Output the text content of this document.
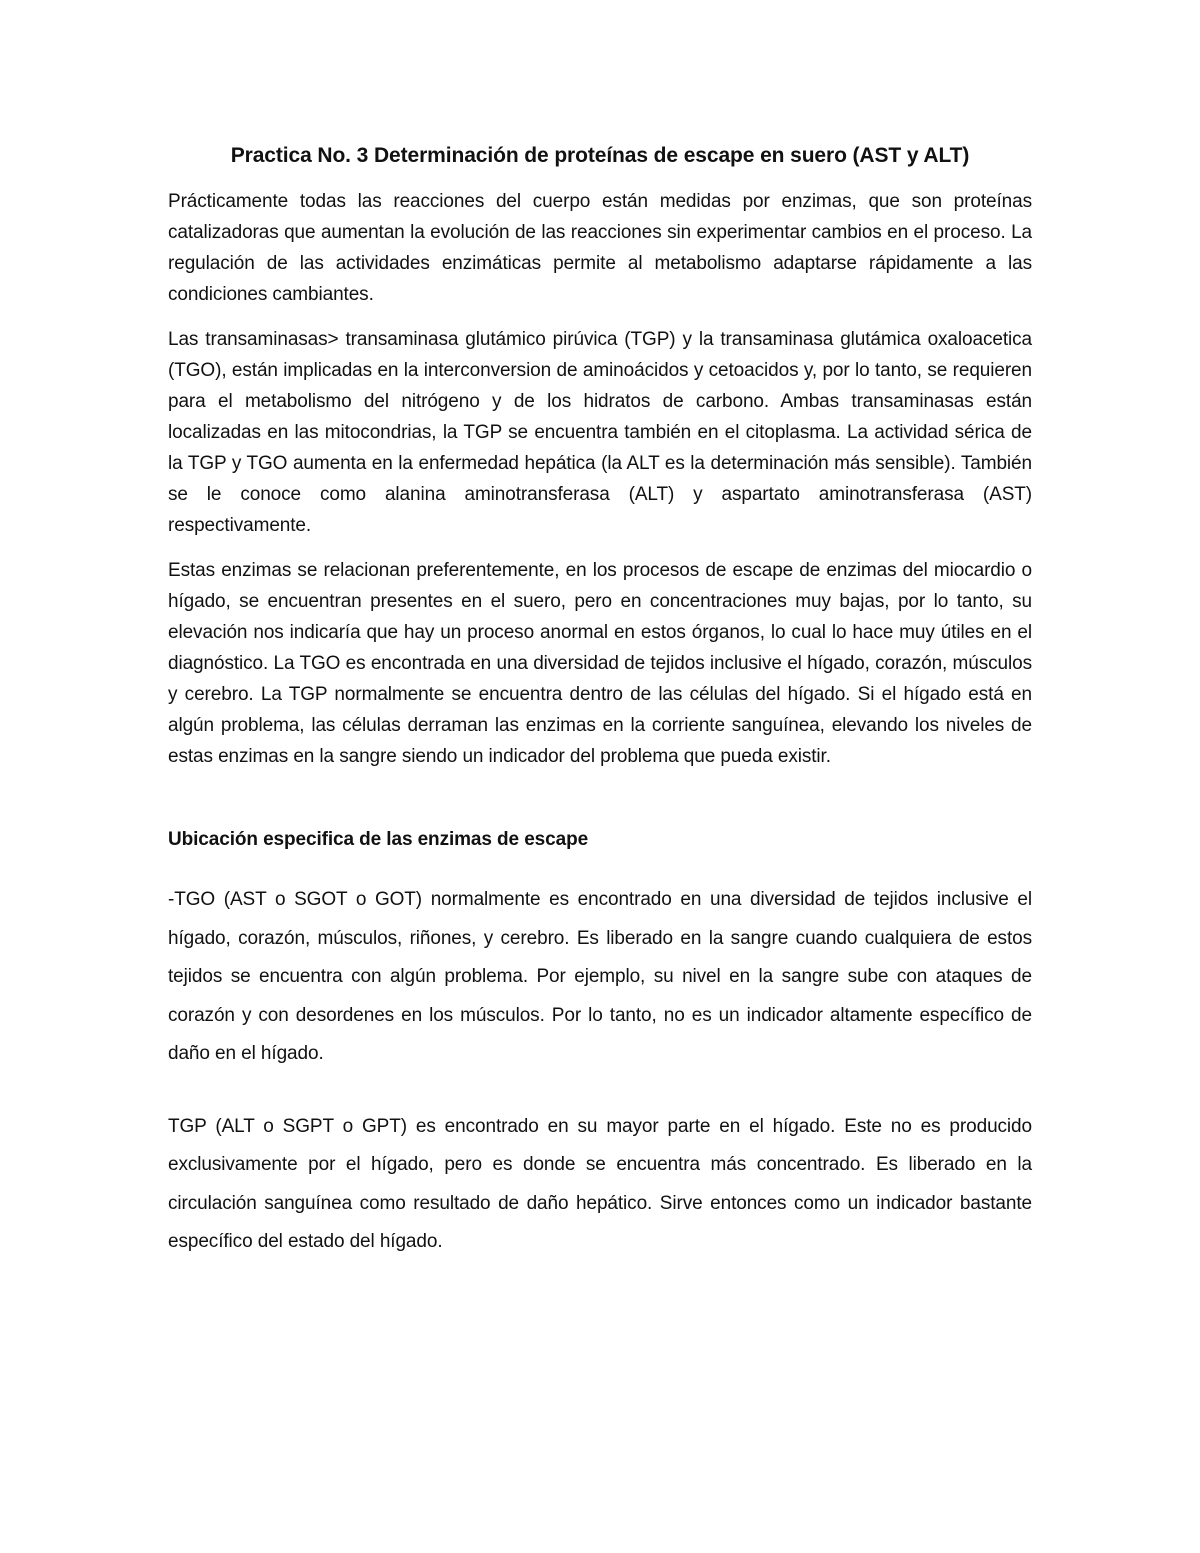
Practica No. 3 Determinación de proteínas de escape en suero (AST y ALT)

Prácticamente todas las reacciones del cuerpo están medidas por enzimas, que son proteínas catalizadoras que aumentan la evolución de las reacciones sin experimentar cambios en el proceso. La regulación de las actividades enzimáticas permite al metabolismo adaptarse rápidamente a las condiciones cambiantes.

Las transaminasas> transaminasa glutámico pirúvica (TGP) y la transaminasa glutámica oxaloacetica (TGO), están implicadas en la interconversion de aminoácidos y cetoacidos y, por lo tanto, se requieren para el metabolismo del nitrógeno y de los hidratos de carbono. Ambas transaminasas están localizadas en las mitocondrias, la TGP se encuentra también en el citoplasma. La actividad sérica de la TGP y TGO aumenta en la enfermedad hepática (la ALT es la determinación más sensible). También se le conoce como alanina aminotransferasa (ALT) y aspartato aminotransferasa (AST) respectivamente.

Estas enzimas se relacionan preferentemente, en los procesos de escape de enzimas del miocardio o hígado, se encuentran presentes en el suero, pero en concentraciones muy bajas, por lo tanto, su elevación nos indicaría que hay un proceso anormal en estos órganos, lo cual lo hace muy útiles en el diagnóstico. La TGO es encontrada en una diversidad de tejidos inclusive el hígado, corazón, músculos y cerebro. La TGP normalmente se encuentra dentro de las células del hígado. Si el hígado está en algún problema, las células derraman las enzimas en la corriente sanguínea, elevando los niveles de estas enzimas en la sangre siendo un indicador del problema que pueda existir.

Ubicación especifica de las enzimas de escape

-TGO (AST o SGOT o GOT) normalmente es encontrado en una diversidad de tejidos inclusive el hígado, corazón, músculos, riñones, y cerebro. Es liberado en la sangre cuando cualquiera de estos tejidos se encuentra con algún problema. Por ejemplo, su nivel en la sangre sube con ataques de corazón y con desordenes en los músculos. Por lo tanto, no es un indicador altamente específico de daño en el hígado.

TGP (ALT o SGPT o GPT) es encontrado en su mayor parte en el hígado. Este no es producido exclusivamente por el hígado, pero es donde se encuentra más concentrado. Es liberado en la circulación sanguínea como resultado de daño hepático. Sirve entonces como un indicador bastante específico del estado del hígado.
